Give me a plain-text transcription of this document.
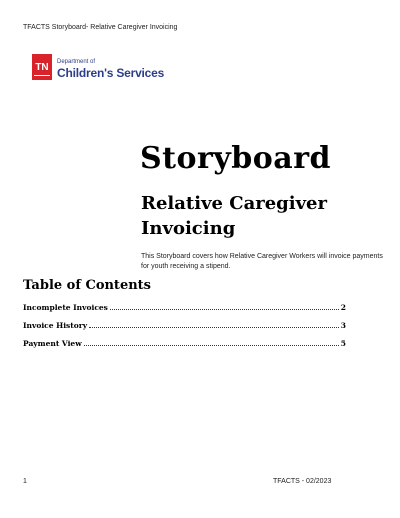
TFACTS Storyboard- Relative Caregiver Invoicing
TN	Department of
Children's Services
Storyboard
Relative Caregiver
Invoicing
This Storyboard covers how Relative Caregiver Workers will invoice payments for youth receiving a stipend.
Table of Contents
Incomplete Invoices	2
Invoice History	3
Payment View	5
1	TFACTS - 02/2023
